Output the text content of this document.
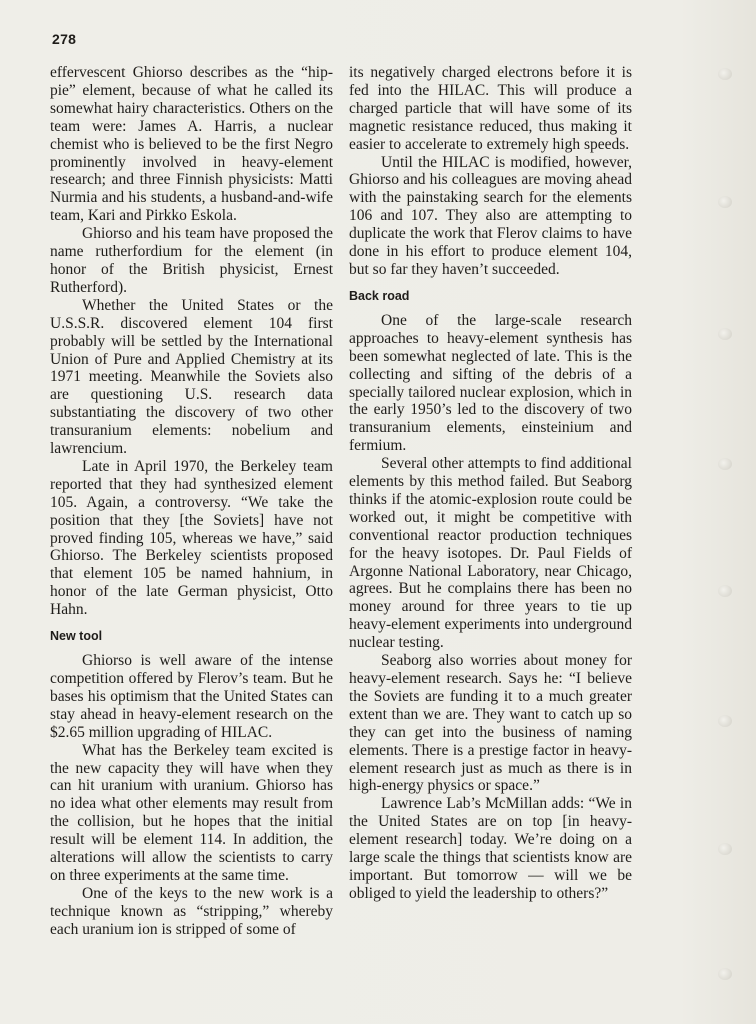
278

effervescent Ghiorso describes as the “hip-pie” element, because of what he called its somewhat hairy characteristics. Others on the team were: James A. Harris, a nuclear chemist who is believed to be the first Negro prominently involved in heavy-element research; and three Finnish physicists: Matti Nurmia and his students, a husband-and-wife team, Kari and Pirkko Eskola.

Ghiorso and his team have proposed the name rutherfordium for the element (in honor of the British physicist, Ernest Rutherford).

Whether the United States or the U.S.S.R. discovered element 104 first probably will be settled by the International Union of Pure and Applied Chemistry at its 1971 meeting. Meanwhile the Soviets also are questioning U.S. research data substantiating the discovery of two other transuranium elements: nobelium and lawrencium.

Late in April 1970, the Berkeley team reported that they had synthesized element 105. Again, a controversy. “We take the position that they [the Soviets] have not proved finding 105, whereas we have,” said Ghiorso. The Berkeley scientists proposed that element 105 be named hahnium, in honor of the late German physicist, Otto Hahn.

New tool

Ghiorso is well aware of the intense competition offered by Flerov’s team. But he bases his optimism that the United States can stay ahead in heavy-element research on the $2.65 million upgrading of HILAC.

What has the Berkeley team excited is the new capacity they will have when they can hit uranium with uranium. Ghiorso has no idea what other elements may result from the collision, but he hopes that the initial result will be element 114. In addition, the alterations will allow the scientists to carry on three experiments at the same time.

One of the keys to the new work is a technique known as “stripping,” whereby each uranium ion is stripped of some of

its negatively charged electrons before it is fed into the HILAC. This will produce a charged particle that will have some of its magnetic resistance reduced, thus making it easier to accelerate to extremely high speeds.

Until the HILAC is modified, however, Ghiorso and his colleagues are moving ahead with the painstaking search for the elements 106 and 107. They also are attempting to duplicate the work that Flerov claims to have done in his effort to produce element 104, but so far they haven’t succeeded.

Back road

One of the large-scale research approaches to heavy-element synthesis has been somewhat neglected of late. This is the collecting and sifting of the debris of a specially tailored nuclear explosion, which in the early 1950’s led to the discovery of two transuranium elements, einsteinium and fermium.

Several other attempts to find additional elements by this method failed. But Seaborg thinks if the atomic-explosion route could be worked out, it might be competitive with conventional reactor production techniques for the heavy isotopes. Dr. Paul Fields of Argonne National Laboratory, near Chicago, agrees. But he complains there has been no money around for three years to tie up heavy-element experiments into underground nuclear testing.

Seaborg also worries about money for heavy-element research. Says he: “I believe the Soviets are funding it to a much greater extent than we are. They want to catch up so they can get into the business of naming elements. There is a prestige factor in heavy-element research just as much as there is in high-energy physics or space.”

Lawrence Lab’s McMillan adds: “We in the United States are on top [in heavy-element research] today. We’re doing on a large scale the things that scientists know are important. But tomorrow — will we be obliged to yield the leadership to others?”
